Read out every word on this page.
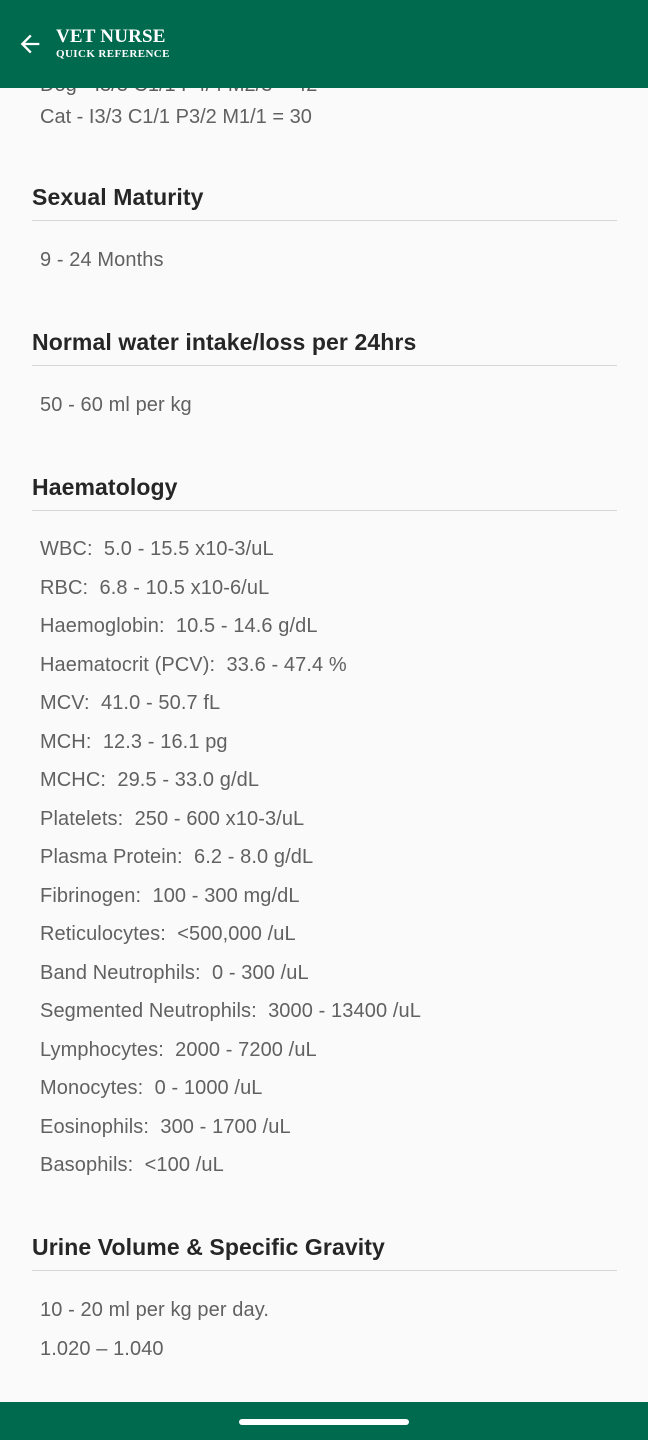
VET NURSE
QUICK REFERENCE
Cat - I3/3 C1/1 P3/2 M1/1 = 30
Sexual Maturity
9 - 24 Months
Normal water intake/loss per 24hrs
50 - 60 ml per kg
Haematology
WBC:  5.0 - 15.5 x10-3/uL
RBC:  6.8 - 10.5 x10-6/uL
Haemoglobin:  10.5 - 14.6 g/dL
Haematocrit (PCV):  33.6 - 47.4 %
MCV:  41.0 - 50.7 fL
MCH:  12.3 - 16.1 pg
MCHC:  29.5 - 33.0 g/dL
Platelets:  250 - 600 x10-3/uL
Plasma Protein:  6.2 - 8.0 g/dL
Fibrinogen:  100 - 300 mg/dL
Reticulocytes:  <500,000 /uL
Band Neutrophils:  0 - 300 /uL
Segmented Neutrophils:  3000 - 13400 /uL
Lymphocytes:  2000 - 7200 /uL
Monocytes:  0 - 1000 /uL
Eosinophils:  300 - 1700 /uL
Basophils:  <100 /uL
Urine Volume & Specific Gravity
10 - 20 ml per kg per day.
1.020 – 1.040
